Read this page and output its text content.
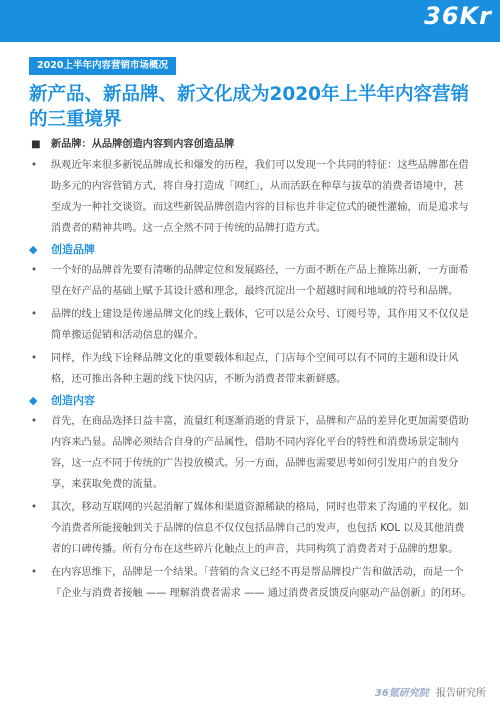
36Kr
2020上半年内容营销市场概况
新产品、新品牌、新文化成为2020年上半年内容营销的三重境界
■ 新品牌：从品牌创造内容到内容创造品牌
• 纵观近年来很多新锐品牌成长和爆发的历程，我们可以发现一个共同的特征：这些品牌都在借助多元的内容营销方式，将自身打造成「网红」，从而活跃在种草与拔草的消费者语境中，甚至成为一种社交谈资。而这些新锐品牌创造内容的目标也并非定位式的硬性灌输，而是追求与消费者的精神共鸣。这一点全然不同于传统的品牌打造方式。
◆ 创造品牌
• 一个好的品牌首先要有清晰的品牌定位和发展路径，一方面不断在产品上推陈出新，一方面希望在好产品的基础上赋予其设计感和理念，最终沉淀出一个超越时间和地域的符号和品牌。
• 品牌的线上建设是传递品牌文化的线上载体，它可以是公众号、订阅号等，其作用又不仅仅是简单搬运促销和活动信息的媒介。
• 同样，作为线下诠释品牌文化的重要载体和起点，门店每个空间可以有不同的主题和设计风格，还可推出各种主题的线下快闪店，不断为消费者带来新鲜感。
◆ 创造内容
• 首先，在商品选择日益丰富，流量红利逐渐消逝的背景下，品牌和产品的差异化更加需要借助内容来凸显。品牌必须结合自身的产品属性，借助不同内容化平台的特性和消费场景定制内容，这一点不同于传统的广告投放模式。另一方面，品牌也需要思考如何引发用户的自发分享，来获取免费的流量。
• 其次，移动互联网的兴起消解了媒体和渠道资源稀缺的格局，同时也带来了沟通的平权化。如今消费者所能接触到关于品牌的信息不仅仅包括品牌自己的发声，也包括 KOL 以及其他消费者的口碑传播。所有分布在这些碎片化触点上的声音，共同构筑了消费者对于品牌的想象。
• 在内容思维下，品牌是一个结果。「营销的含义已经不再是帮品牌投广告和做活动，而是一个『企业与消费者接触 —— 理解消费者需求 —— 通过消费者反馈反向驱动产品创新』的闭环。
36氪研究院 报告研究所
